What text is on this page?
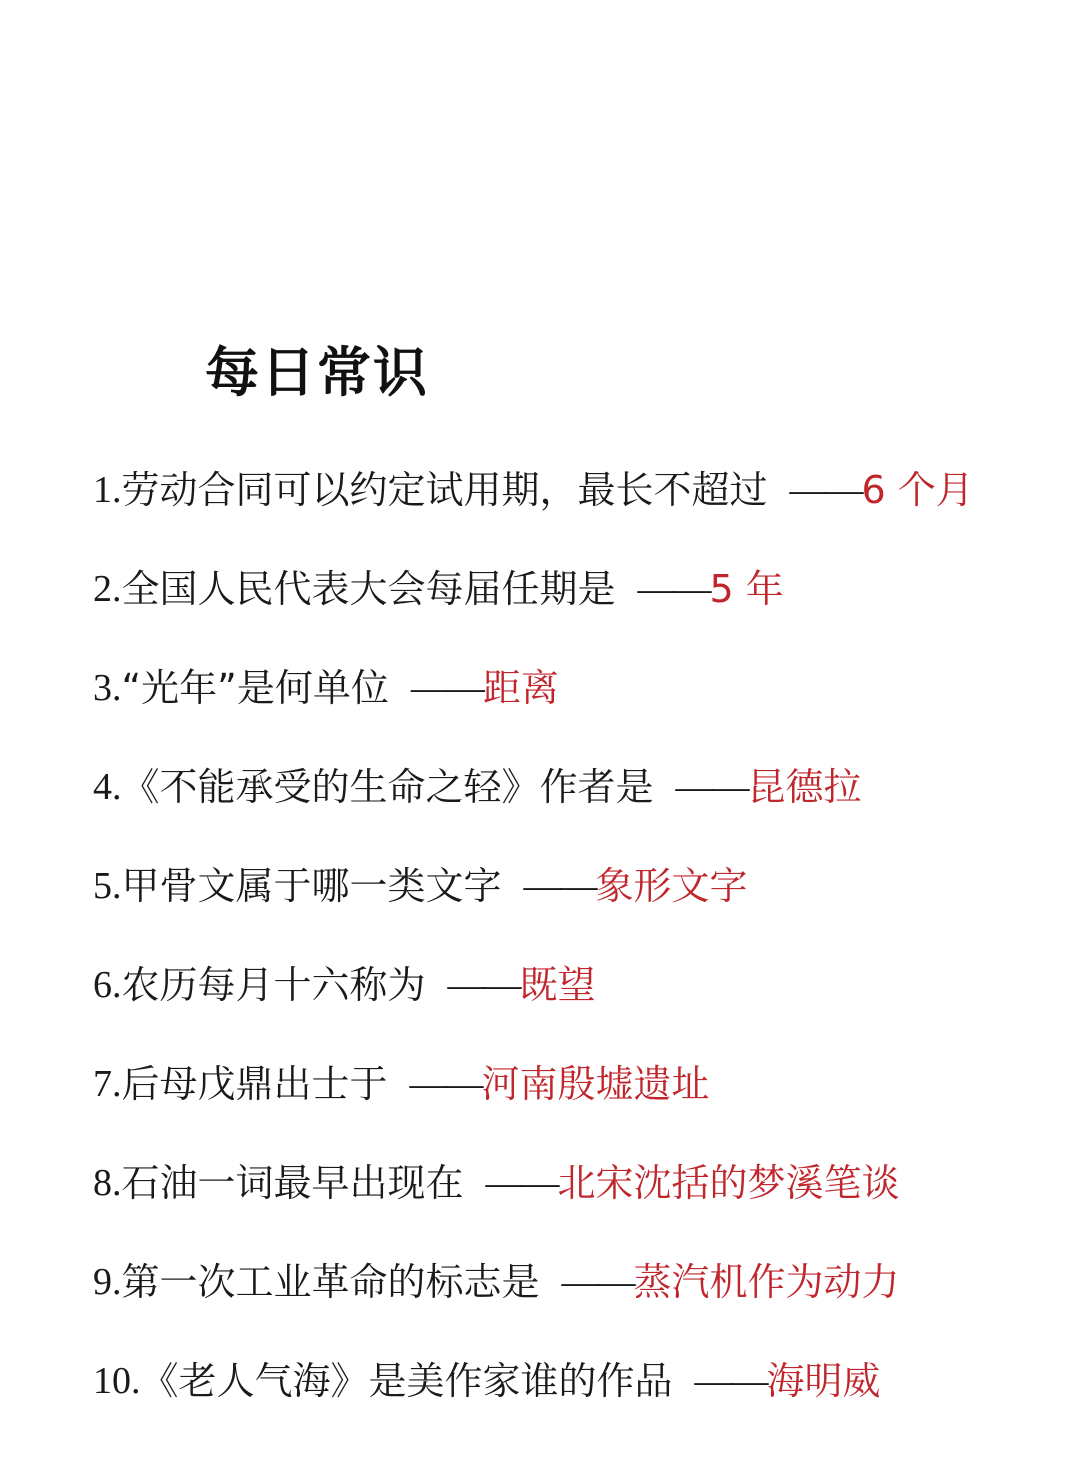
每日常识
1. 劳动合同可以约定试用期，最长不超过 —— 6 个月
2. 全国人民代表大会每届任期是 —— 5 年
3. “光年”是何单位 —— 距离
4. 《不能承受的生命之轻》作者是 —— 昆德拉
5. 甲骨文属于哪一类文字 —— 象形文字
6. 农历每月十六称为 —— 既望
7. 后母戊鼎出士于 —— 河南殷墟遗址
8. 石油一词最早出现在 —— 北宋沈括的梦溪笔谈
9. 第一次工业革命的标志是 —— 蒸汽机作为动力
10. 《老人气海》是美作家谁的作品 —— 海明威
